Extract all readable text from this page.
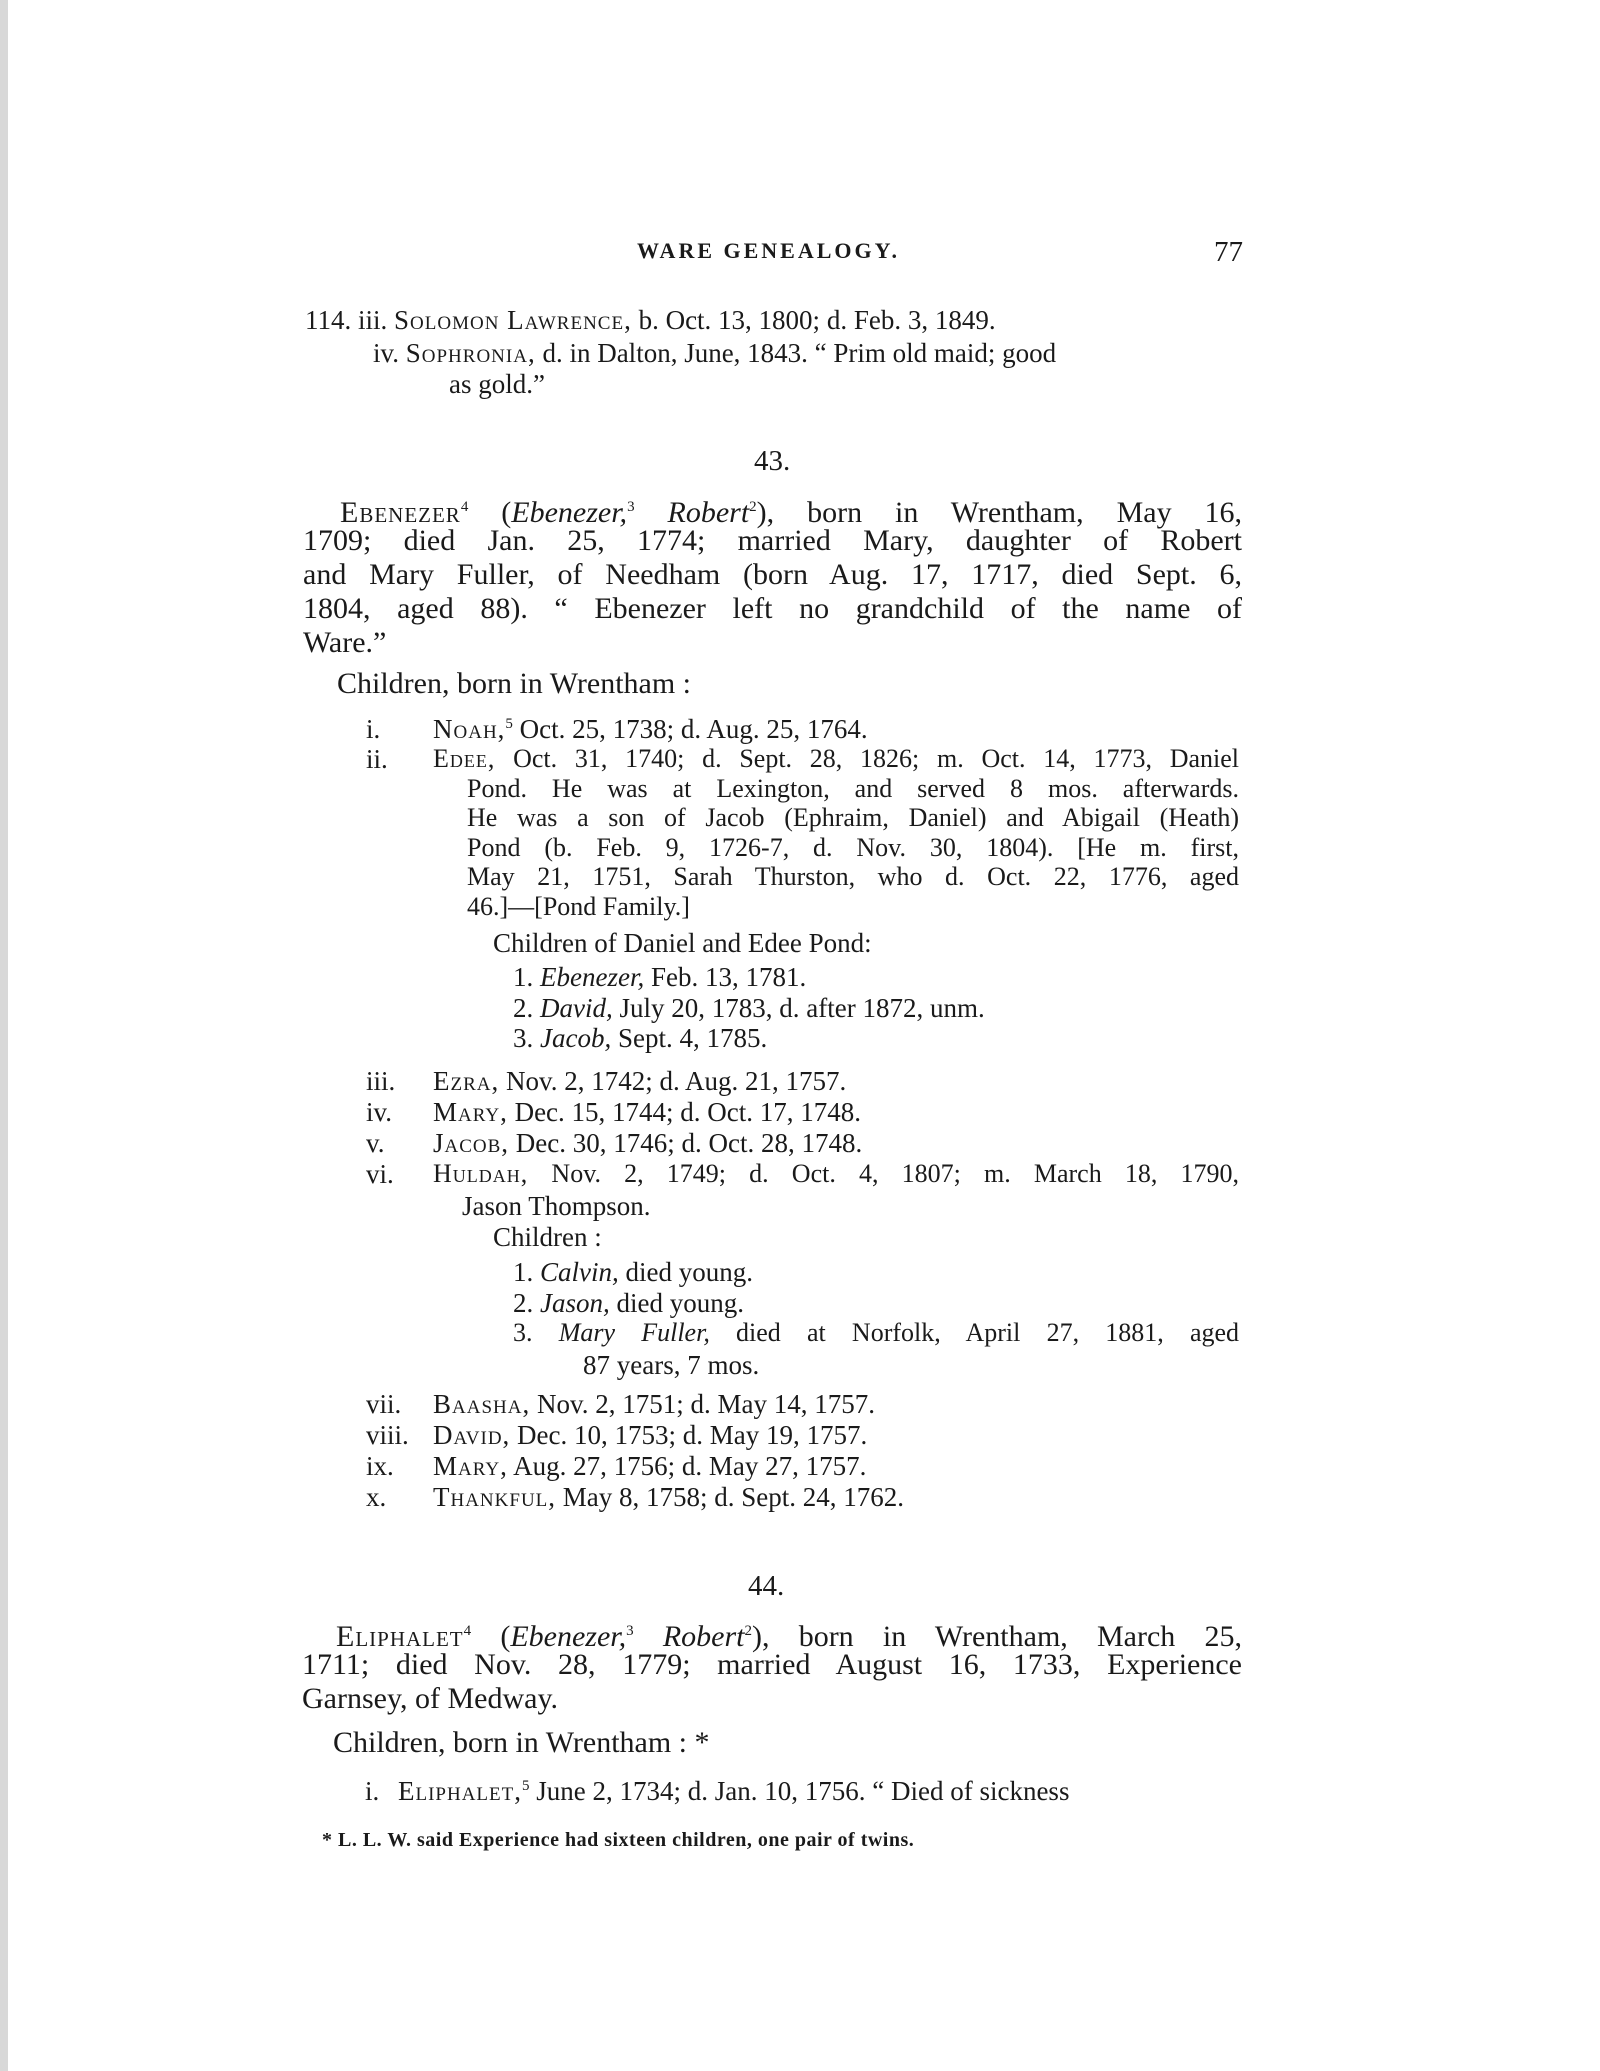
WARE GENEALOGY.	77
114. iii. Solomon Lawrence, b. Oct. 13, 1800; d. Feb. 3, 1849.
iv. Sophronia, d. in Dalton, June, 1843. “ Prim old maid; good
as gold.”
43.
Ebenezer$^4$ (Ebenezer,$^3$ Robert$^2$), born in Wrentham, May 16,
1709; died Jan. 25, 1774; married Mary, daughter of Robert
and Mary Fuller, of Needham (born Aug. 17, 1717, died Sept. 6,
1804, aged 88). “ Ebenezer left no grandchild of the name of
Ware.”
Children, born in Wrentham :
i. Noah,$^5$ Oct. 25, 1738; d. Aug. 25, 1764.
ii. Edee, Oct. 31, 1740; d. Sept. 28, 1826; m. Oct. 14, 1773, Daniel
Pond. He was at Lexington, and served 8 mos. afterwards.
He was a son of Jacob (Ephraim, Daniel) and Abigail (Heath)
Pond (b. Feb. 9, 1726-7, d. Nov. 30, 1804). [He m. first,
May 21, 1751, Sarah Thurston, who d. Oct. 22, 1776, aged
46.]—[Pond Family.]
Children of Daniel and Edee Pond:
1. Ebenezer, Feb. 13, 1781.
2. David, July 20, 1783, d. after 1872, unm.
3. Jacob, Sept. 4, 1785.
iii. Ezra, Nov. 2, 1742; d. Aug. 21, 1757.
iv. Mary, Dec. 15, 1744; d. Oct. 17, 1748.
v. Jacob, Dec. 30, 1746; d. Oct. 28, 1748.
vi. Huldah, Nov. 2, 1749; d. Oct. 4, 1807; m. March 18, 1790,
Jason Thompson.
Children :
1. Calvin, died young.
2. Jason, died young.
3. Mary Fuller, died at Norfolk, April 27, 1881, aged
87 years, 7 mos.
vii. Baasha, Nov. 2, 1751; d. May 14, 1757.
viii. David, Dec. 10, 1753; d. May 19, 1757.
ix. Mary, Aug. 27, 1756; d. May 27, 1757.
x. Thankful, May 8, 1758; d. Sept. 24, 1762.
44.
Eliphalet$^4$ (Ebenezer,$^3$ Robert$^2$), born in Wrentham, March 25,
1711; died Nov. 28, 1779; married August 16, 1733, Experience
Garnsey, of Medway.
Children, born in Wrentham : *
i. Eliphalet,$^5$ June 2, 1734; d. Jan. 10, 1756. “ Died of sickness
* L. L. W. said Experience had sixteen children, one pair of twins.
